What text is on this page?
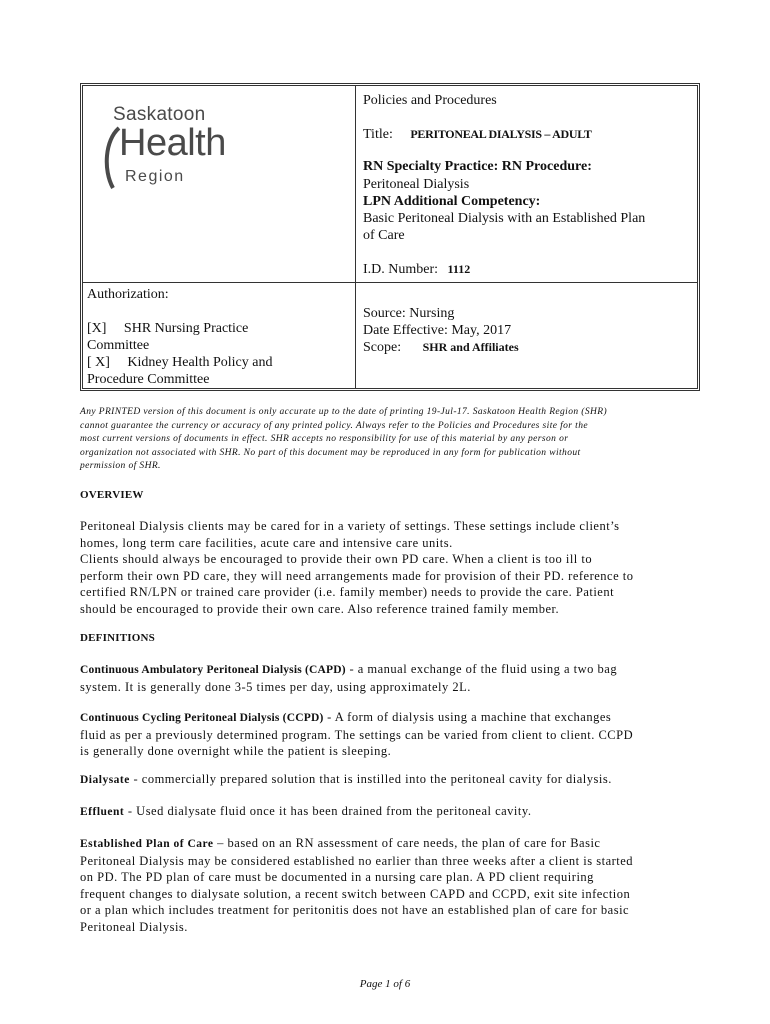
Saskatoon
Health
Region
Policies and Procedures
Title: PERITONEAL DIALYSIS – ADULT
RN Specialty Practice: RN Procedure:
Peritoneal Dialysis
LPN Additional Competency:
Basic Peritoneal Dialysis with an Established Plan
of Care
I.D. Number: 1112
Authorization:
[X]     SHR Nursing Practice
Committee
[ X]     Kidney Health Policy and
Procedure Committee
Source: Nursing
Date Effective: May, 2017
Scope: SHR and Affiliates
Any PRINTED version of this document is only accurate up to the date of printing 19-Jul-17. Saskatoon Health Region (SHR)
cannot guarantee the currency or accuracy of any printed policy. Always refer to the Policies and Procedures site for the
most current versions of documents in effect. SHR accepts no responsibility for use of this material by any person or
organization not associated with SHR. No part of this document may be reproduced in any form for publication without
permission of SHR.
OVERVIEW
Peritoneal Dialysis clients may be cared for in a variety of settings. These settings include client’s
homes, long term care facilities, acute care and intensive care units.
Clients should always be encouraged to provide their own PD care. When a client is too ill to
perform their own PD care, they will need arrangements made for provision of their PD. reference to
certified RN/LPN or trained care provider (i.e. family member) needs to provide the care. Patient
should be encouraged to provide their own care. Also reference trained family member.
DEFINITIONS
Continuous Ambulatory Peritoneal Dialysis (CAPD) - a manual exchange of the fluid using a two bag
system. It is generally done 3-5 times per day, using approximately 2L.
Continuous Cycling Peritoneal Dialysis (CCPD) - A form of dialysis using a machine that exchanges
fluid as per a previously determined program. The settings can be varied from client to client. CCPD
is generally done overnight while the patient is sleeping.
Dialysate - commercially prepared solution that is instilled into the peritoneal cavity for dialysis.
Effluent - Used dialysate fluid once it has been drained from the peritoneal cavity.
Established Plan of Care – based on an RN assessment of care needs, the plan of care for Basic
Peritoneal Dialysis may be considered established no earlier than three weeks after a client is started
on PD. The PD plan of care must be documented in a nursing care plan. A PD client requiring
frequent changes to dialysate solution, a recent switch between CAPD and CCPD, exit site infection
or a plan which includes treatment for peritonitis does not have an established plan of care for basic
Peritoneal Dialysis.
Page 1 of 6
